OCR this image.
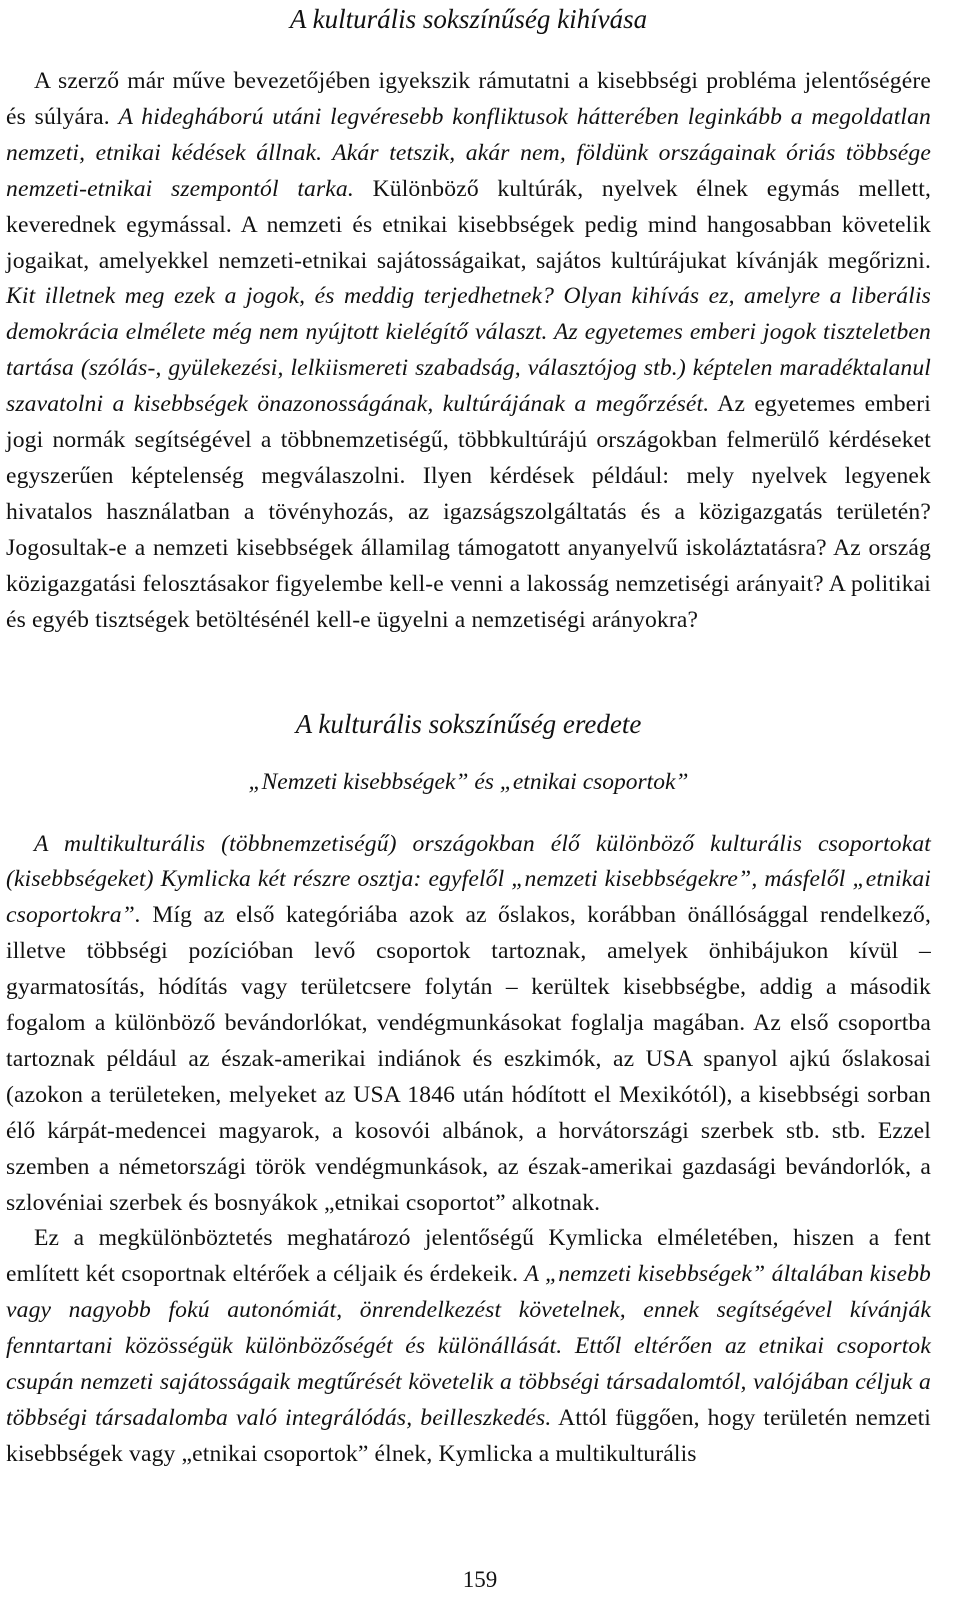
A kulturális sokszínűség kihívása

A szerző már műve bevezetőjében igyekszik rámutatni a kisebbségi probléma jelentőségére és súlyára. A hidegháború utáni legvéresebb konfliktusok hátterében leginkább a megoldatlan nemzeti, etnikai kédések állnak. Akár tetszik, akár nem, földünk országainak óriás többsége nemzeti-etnikai szempontól tarka. Különböző kultúrák, nyelvek élnek egymás mellett, keverednek egymással. A nemzeti és etnikai kisebbségek pedig mind hangosabban követelik jogaikat, amelyekkel nemzeti-etnikai sajátosságaikat, sajátos kultúrájukat kívánják megőrizni. Kit illetnek meg ezek a jogok, és meddig terjedhetnek? Olyan kihívás ez, amelyre a liberális demokrácia elmélete még nem nyújtott kielégítő választ. Az egyetemes emberi jogok tiszteletben tartása (szólás-, gyülekezési, lelkiismereti szabadság, választójog stb.) képtelen maradéktalanul szavatolni a kisebbségek önazonosságának, kultúrájának a megőrzését. Az egyetemes emberi jogi normák segítségével a többnemzetiségű, többkultúrájú országokban felmerülő kérdéseket egyszerűen képtelenség megválaszolni. Ilyen kérdések például: mely nyelvek legyenek hivatalos használatban a tövényhozás, az igazságszolgáltatás és a közigazgatás területén? Jogosultak-e a nemzeti kisebbségek államilag támogatott anyanyelvű iskoláztatásra? Az ország közigazgatási felosztásakor figyelembe kell-e venni a lakosság nemzetiségi arányait? A politikai és egyéb tisztségek betöltésénél kell-e ügyelni a nemzetiségi arányokra?

A kulturális sokszínűség eredete
„Nemzeti kisebbségek” és „etnikai csoportok”

A multikulturális (többnemzetiségű) országokban élő különböző kulturális csoportokat (kisebbségeket) Kymlicka két részre osztja: egyfelől „nemzeti kisebbségekre”, másfelől „etnikai csoportokra”. Míg az első kategóriába azok az őslakos, korábban önállósággal rendelkező, illetve többségi pozícióban levő csoportok tartoznak, amelyek önhibájukon kívül – gyarmatosítás, hódítás vagy területcsere folytán – kerültek kisebbségbe, addig a második fogalom a különböző bevándorlókat, vendégmunkásokat foglalja magában. Az első csoportba tartoznak például az észak-amerikai indiánok és eszkimók, az USA spanyol ajkú őslakosai (azokon a területeken, melyeket az USA 1846 után hódított el Mexikótól), a kisebbségi sorban élő kárpát-medencei magyarok, a kosovói albánok, a horvátországi szerbek stb. stb. Ezzel szemben a németországi török vendégmunkások, az észak-amerikai gazdasági bevándorlók, a szlovéniai szerbek és bosnyákok „etnikai csoportot” alkotnak.

Ez a megkülönböztetés meghatározó jelentőségű Kymlicka elméletében, hiszen a fent említett két csoportnak eltérőek a céljaik és érdekeik. A „nemzeti kisebbségek” általában kisebb vagy nagyobb fokú autonómiát, önrendelkezést követelnek, ennek segítségével kívánják fenntartani közösségük különbözőségét és különállását. Ettől eltérően az etnikai csoportok csupán nemzeti sajátosságaik megtűrését követelik a többségi társadalomtól, valójában céljuk a többségi társadalomba való integrálódás, beilleszkedés. Attól függően, hogy területén nemzeti kisebbségek vagy „etnikai csoportok” élnek, Kymlicka a multikulturális

159
